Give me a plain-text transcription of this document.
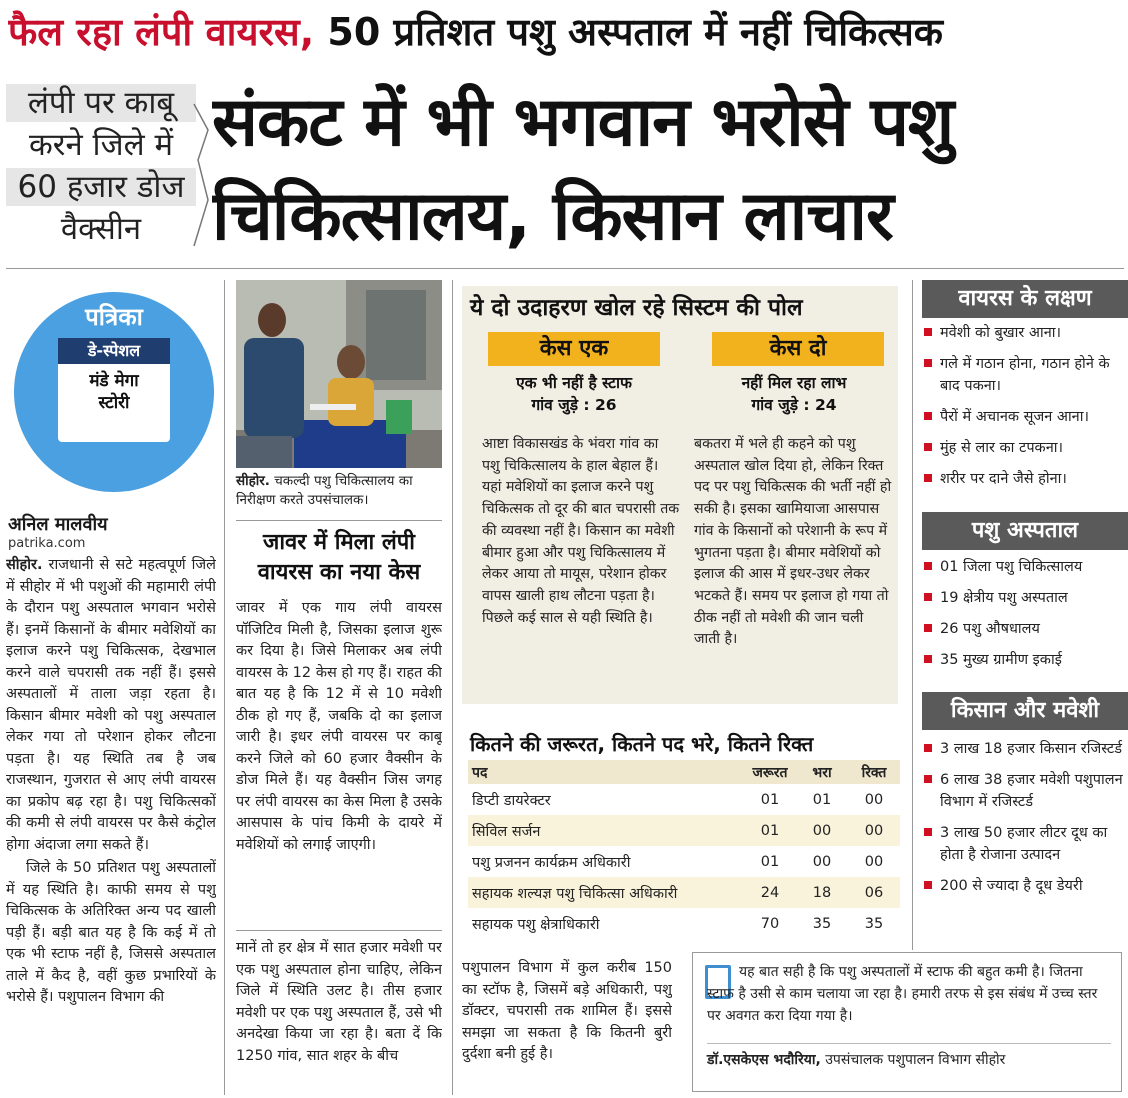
फैल रहा लंपी वायरस, 50 प्रतिशत पशु अस्पताल में नहीं चिकित्सक
लंपी पर काबू
करने जिले में
60 हजार डोज
वैक्सीन
संकट में भी भगवान भरोसे पशु
चिकित्सालय, किसान लाचार
पत्रिका
डे-स्पेशल
मंडे मेगा
स्टोरी
अनिल मालवीय
patrika.com

सीहोर. राजधानी से सटे महत्वपूर्ण जिले में सीहोर में भी पशुओं की महामारी लंपी के दौरान पशु अस्पताल भगवान भरोसे हैं। इनमें किसानों के बीमार मवेशियों का इलाज करने पशु चिकित्सक, देखभाल करने वाले चपरासी तक नहीं हैं। इससे अस्पतालों में ताला जड़ा रहता है। किसान बीमार मवेशी को पशु अस्पताल लेकर गया तो परेशान होकर लौटना पड़ता है। यह स्थिति तब है जब राजस्थान, गुजरात से आए लंपी वायरस का प्रकोप बढ़ रहा है। पशु चिकित्सकों की कमी से लंपी वायरस पर कैसे कंट्रोल होगा अंदाजा लगा सकते हैं।

जिले के 50 प्रतिशत पशु अस्पतालों में यह स्थिति है। काफी समय से पशु चिकित्सक के अतिरिक्त अन्य पद खाली पड़ी हैं। बड़ी बात यह है कि कई में तो एक भी स्टाफ नहीं है, जिससे अस्पताल ताले में कैद है, वहीं कुछ प्रभारियों के भरोसे हैं। पशुपालन विभाग की

सीहोर. चकल्दी पशु चिकित्सालय का निरीक्षण करते उपसंचालक।
जावर में मिला लंपी वायरस का नया केस
जावर में एक गाय लंपी वायरस पॉजिटिव मिली है, जिसका इलाज शुरू कर दिया है। जिसे मिलाकर अब लंपी वायरस के 12 केस हो गए हैं। राहत की बात यह है कि 12 में से 10 मवेशी ठीक हो गए हैं, जबकि दो का इलाज जारी है। इधर लंपी वायरस पर काबू करने जिले को 60 हजार वैक्सीन के डोज मिले हैं। यह वैक्सीन जिस जगह पर लंपी वायरस का केस मिला है उसके आसपास के पांच किमी के दायरे में मवेशियों को लगाई जाएगी।
मानें तो हर क्षेत्र में सात हजार मवेशी पर एक पशु अस्पताल होना चाहिए, लेकिन जिले में स्थिति उलट है। तीस हजार मवेशी पर एक पशु अस्पताल हैं, उसे भी अनदेखा किया जा रहा है। बता दें कि 1250 गांव, सात शहर के बीच
ये दो उदाहरण खोल रहे सिस्टम की पोल
केस एक	केस दो
एक भी नहीं है स्टाफ
गांव जुड़े : 26
नहीं मिल रहा लाभ
गांव जुड़े : 24
आष्टा विकासखंड के भंवरा गांव का पशु चिकित्सालय के हाल बेहाल हैं। यहां मवेशियों का इलाज करने पशु चिकित्सक तो दूर की बात चपरासी तक की व्यवस्था नहीं है। किसान का मवेशी बीमार हुआ और पशु चिकित्सालय में लेकर आया तो मायूस, परेशान होकर वापस खाली हाथ लौटना पड़ता है। पिछले कई साल से यही स्थिति है।
बकतरा में भले ही कहने को पशु अस्पताल खोल दिया हो, लेकिन रिक्त पद पर पशु चिकित्सक की भर्ती नहीं हो सकी है। इसका खामियाजा आसपास गांव के किसानों को परेशानी के रूप में भुगतना पड़ता है। बीमार मवेशियों को इलाज की आस में इधर-उधर लेकर भटकते हैं। समय पर इलाज हो गया तो ठीक नहीं तो मवेशी की जान चली जाती है।
कितने की जरूरत, कितने पद भरे, कितने रिक्त
पद	जरूरत	भरा	रिक्त
डिप्टी डायरेक्टर	01	01	00
सिविल सर्जन	01	00	00
पशु प्रजनन कार्यक्रम अधिकारी	01	00	00
सहायक शल्यज्ञ पशु चिकित्सा अधिकारी	24	18	06
सहायक पशु क्षेत्राधिकारी	70	35	35
पशुपालन विभाग में कुल करीब 150 का स्टॉफ है, जिसमें बड़े अधिकारी, पशु डॉक्टर, चपरासी तक शामिल हैं। इससे समझा जा सकता है कि कितनी बुरी दुर्दशा बनी हुई है।
यह बात सही है कि पशु अस्पतालों में स्टाफ की बहुत कमी है। जितना स्टाफ है उसी से काम चलाया जा रहा है। हमारी तरफ से इस संबंध में उच्च स्तर पर अवगत करा दिया गया है।
डॉ.एसकेएस भदौरिया, उपसंचालक पशुपालन विभाग सीहोर
वायरस के लक्षण
मवेशी को बुखार आना।
गले में गठान होना, गठान होने के बाद पकना।
पैरों में अचानक सूजन आना।
मुंह से लार का टपकना।
शरीर पर दाने जैसे होना।
पशु अस्पताल
01 जिला पशु चिकित्सालय
19 क्षेत्रीय पशु अस्पताल
26 पशु औषधालय
35 मुख्य ग्रामीण इकाई
किसान और मवेशी
3 लाख 18 हजार किसान रजिस्टर्ड
6 लाख 38 हजार मवेशी पशुपालन विभाग में रजिस्टर्ड
3 लाख 50 हजार लीटर दूध का होता है रोजाना उत्पादन
200 से ज्यादा है दूध डेयरी
